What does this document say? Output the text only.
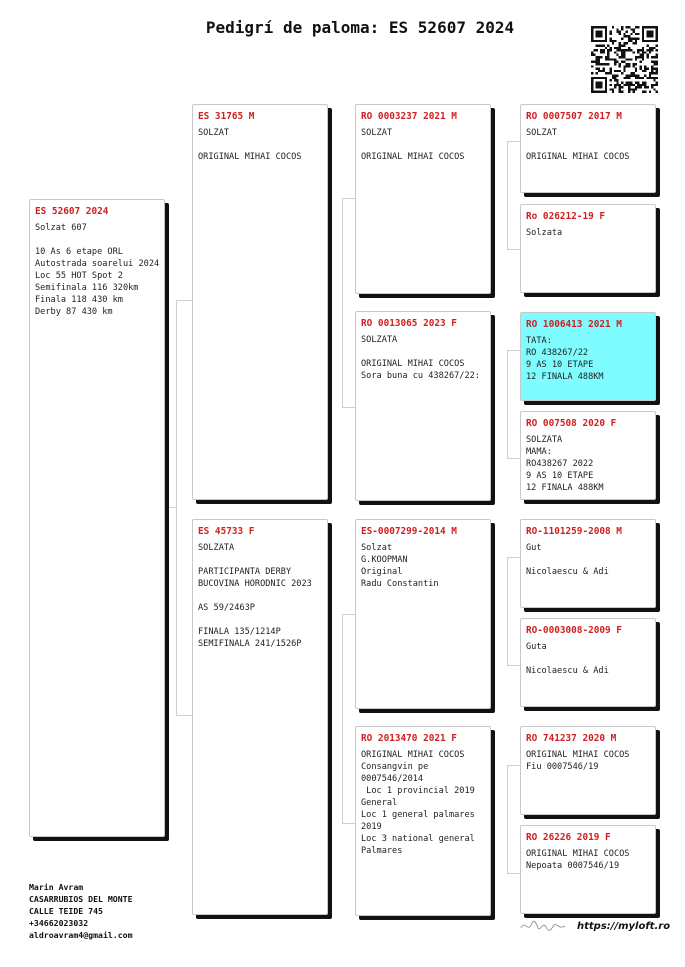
Pedigrí de paloma: ES 52607 2024
ES 52607 2024
Solzat 607
10 As 6 etape ORL
Autostrada soarelui 2024
Loc 55 HOT Spot 2
Semifinala 116 320km
Finala 118 430 km
Derby 87 430 km
ES 31765 M
SOLZAT
ORIGINAL MIHAI COCOS
ES 45733 F
SOLZATA
PARTICIPANTA DERBY
BUCOVINA HORODNIC 2023
AS 59/2463P
FINALA 135/1214P
SEMIFINALA 241/1526P
RO 0003237 2021 M
SOLZAT
ORIGINAL MIHAI COCOS
RO 0013065 2023 F
SOLZATA
ORIGINAL MIHAI COCOS
Sora buna cu 438267/22:
ES-0007299-2014 M
Solzat
G.KOOPMAN
Original
Radu Constantin
RO 2013470 2021 F
ORIGINAL MIHAI COCOS
Consangvin pe
0007546/2014
Loc 1 provincial 2019
General
Loc 1 general palmares
2019
Loc 3 national general
Palmares
RO 0007507 2017 M
SOLZAT
ORIGINAL MIHAI COCOS
Ro 026212-19 F
Solzata
RO 1006413 2021 M
TATA:
RO 438267/22
9 AS 10 ETAPE
12 FINALA 488KM
RO 007508 2020 F
SOLZATA
MAMA:
RO438267 2022
9 AS 10 ETAPE
12 FINALA 488KM
RO-1101259-2008 M
Gut
Nicolaescu & Adi
RO-0003008-2009 F
Guta
Nicolaescu & Adi
RO 741237 2020 M
ORIGINAL MIHAI COCOS
Fiu 0007546/19
RO 26226 2019 F
ORIGINAL MIHAI COCOS
Nepoata 0007546/19
Marin Avram
CASARRUBIOS DEL MONTE
CALLE TEIDE 745
+34662023032
aldroavram4@gmail.com
https://myloft.ro
